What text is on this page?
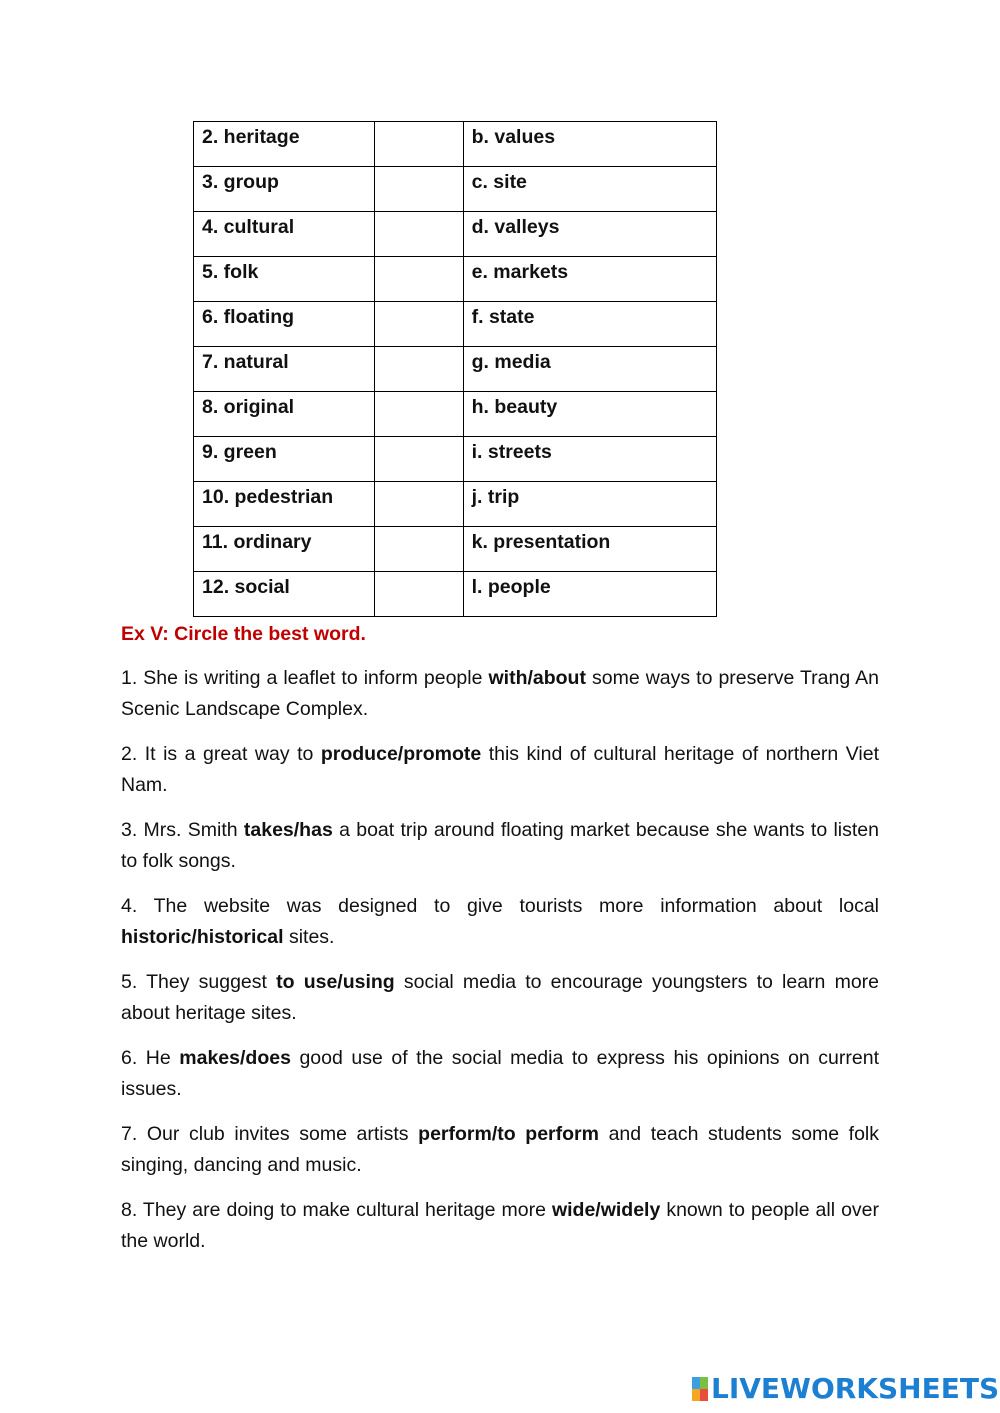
2. heritage		b. values
3. group		c. site
4. cultural		d. valleys
5. folk		e. markets
6. floating		f. state
7. natural		g. media
8. original		h. beauty
9. green		i. streets
10. pedestrian		j. trip
11. ordinary		k. presentation
12. social		l. people
Ex V: Circle the best word.

1. She is writing a leaflet to inform people with/about some ways to preserve Trang An Scenic Landscape Complex.

2. It is a great way to produce/promote this kind of cultural heritage of northern Viet Nam.

3. Mrs. Smith takes/has a boat trip around floating market because she wants to listen to folk songs.

4. The website was designed to give tourists more information about local historic/historical sites.

5. They suggest to use/using social media to encourage youngsters to learn more about heritage sites.

6. He makes/does good use of the social media to express his opinions on current issues.

7. Our club invites some artists perform/to perform and teach students some folk singing, dancing and music.

8. They are doing to make cultural heritage more wide/widely known to people all over the world.

LIVEWORKSHEETS
